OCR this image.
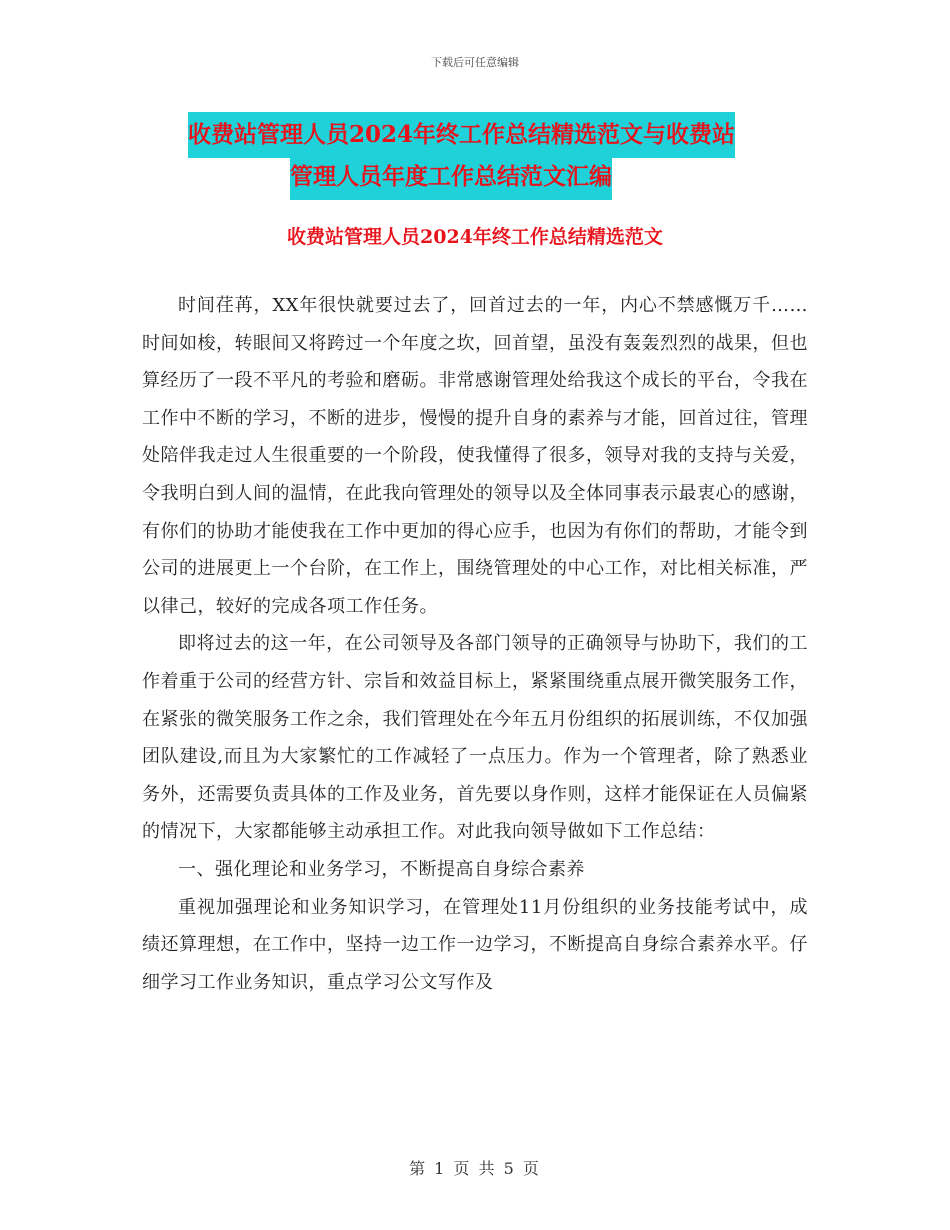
下载后可任意编辑
收费站管理人员2024年终工作总结精选范文与收费站
管理人员年度工作总结范文汇编
收费站管理人员2024年终工作总结精选范文

时间荏苒，XX年很快就要过去了，回首过去的一年，内心不禁感慨万千……时间如梭，转眼间又将跨过一个年度之坎，回首望，虽没有轰轰烈烈的战果，但也算经历了一段不平凡的考验和磨砺。非常感谢管理处给我这个成长的平台，令我在工作中不断的学习，不断的进步，慢慢的提升自身的素养与才能，回首过往，管理处陪伴我走过人生很重要的一个阶段，使我懂得了很多，领导对我的支持与关爱，令我明白到人间的温情，在此我向管理处的领导以及全体同事表示最衷心的感谢，有你们的协助才能使我在工作中更加的得心应手，也因为有你们的帮助，才能令到公司的进展更上一个台阶，在工作上，围绕管理处的中心工作，对比相关标准，严以律己，较好的完成各项工作任务。

即将过去的这一年，在公司领导及各部门领导的正确领导与协助下，我们的工作着重于公司的经营方针、宗旨和效益目标上，紧紧围绕重点展开微笑服务工作，在紧张的微笑服务工作之余，我们管理处在今年五月份组织的拓展训练，不仅加强团队建设,而且为大家繁忙的工作减轻了一点压力。作为一个管理者，除了熟悉业务外，还需要负责具体的工作及业务，首先要以身作则，这样才能保证在人员偏紧的情况下，大家都能够主动承担工作。对此我向领导做如下工作总结：

一、强化理论和业务学习，不断提高自身综合素养

重视加强理论和业务知识学习，在管理处11月份组织的业务技能考试中，成绩还算理想，在工作中，坚持一边工作一边学习，不断提高自身综合素养水平。仔细学习工作业务知识，重点学习公文写作及

第 1 页 共 5 页
